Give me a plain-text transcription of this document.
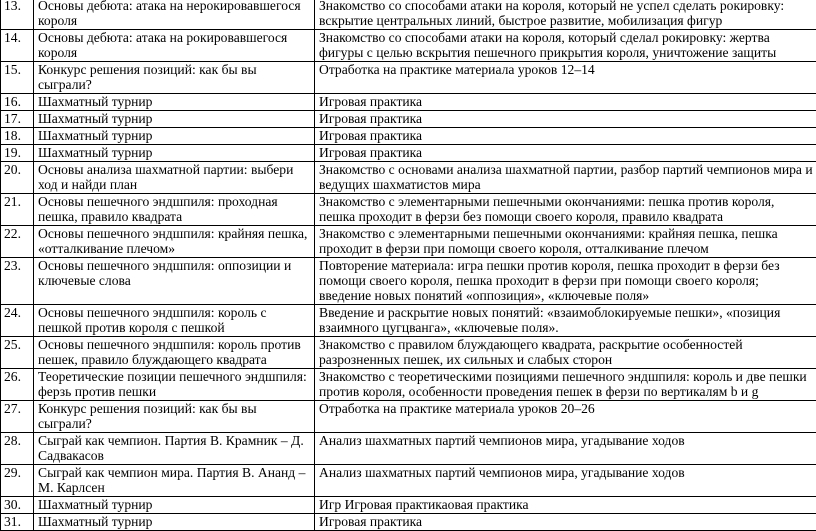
13.	Основы дебюта: атака на нерокировавшегося короля	Знакомство со способами атаки на короля, который не успел сделать рокировку: вскрытие центральных линий, быстрое развитие, мобилизация фигур
14.	Основы дебюта: атака на рокировавшегося короля	Знакомство со способами атаки на короля, который сделал рокировку: жертва фигуры с целью вскрытия пешечного прикрытия короля, уничтожение защиты
15.	Конкурс решения позиций: как бы вы сыграли?	Отработка на практике материала уроков 12–14
16.	Шахматный турнир	Игровая практика
17.	Шахматный турнир	Игровая практика
18.	Шахматный турнир	Игровая практика
19.	Шахматный турнир	Игровая практика
20.	Основы анализа шахматной партии: выбери ход и найди план	Знакомство с основами анализа шахматной партии, разбор партий чемпионов мира и ведущих шахматистов мира
21.	Основы пешечного эндшпиля: проходная пешка, правило квадрата	Знакомство с элементарными пешечными окончаниями: пешка против короля, пешка проходит в ферзи без помощи своего короля, правило квадрата
22.	Основы пешечного эндшпиля: крайняя пешка, «отталкивание плечом»	Знакомство с элементарными пешечными окончаниями: крайняя пешка, пешка проходит в ферзи при помощи своего короля, отталкивание плечом
23.	Основы пешечного эндшпиля: оппозиции и ключевые слова	Повторение материала: игра пешки против короля, пешка проходит в ферзи без помощи своего короля, пешка проходит в ферзи при помощи своего короля; введение новых понятий «оппозиция», «ключевые поля»
24.	Основы пешечного эндшпиля: король с пешкой против короля с пешкой	Введение и раскрытие новых понятий: «взаимоблокируемые пешки», «позиция взаимного цугцванга», «ключевые поля».
25.	Основы пешечного эндшпиля: король против пешек, правило блуждающего квадрата	Знакомство с правилом блуждающего квадрата, раскрытие особенностей разрозненных пешек, их сильных и слабых сторон
26.	Теоретические позиции пешечного эндшпиля: ферзь против пешки	Знакомство с теоретическими позициями пешечного эндшпиля: король и две пешки против короля, особенности проведения пешек в ферзи по вертикалям b и g
27.	Конкурс решения позиций: как бы вы сыграли?	Отработка на практике материала уроков 20–26
28.	Сыграй как чемпион. Партия В. Крамник – Д. Садвакасов	Анализ шахматных партий чемпионов мира, угадывание ходов
29.	Сыграй как чемпион мира. Партия В. Ананд – М. Карлсен	Анализ шахматных партий чемпионов мира, угадывание ходов
30.	Шахматный турнир	Игр Игровая практикаовая практика
31.	Шахматный турнир	Игровая практика
